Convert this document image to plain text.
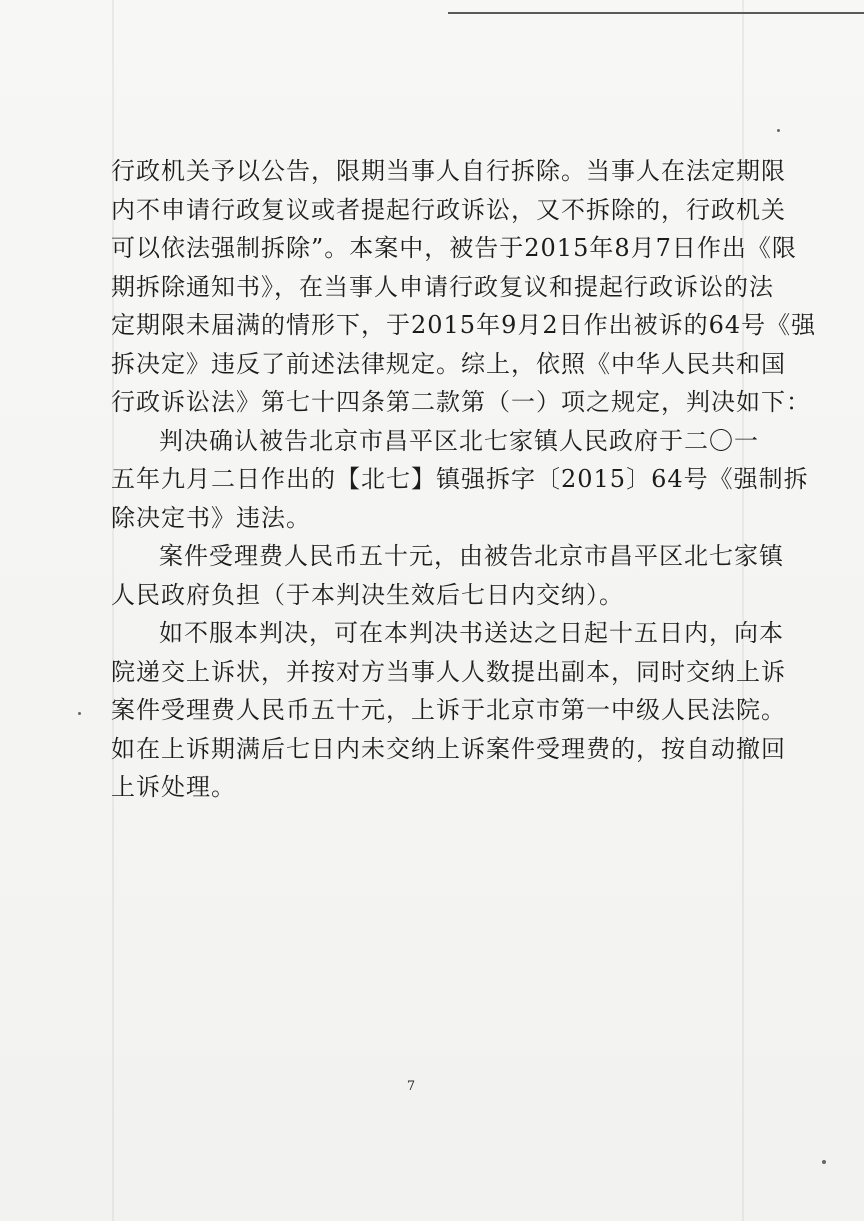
行政机关予以公告，限期当事人自行拆除。当事人在法定期限
内不申请行政复议或者提起行政诉讼，又不拆除的，行政机关
可以依法强制拆除”。本案中，被告于2015年8月7日作出《限
期拆除通知书》，在当事人申请行政复议和提起行政诉讼的法
定期限未届满的情形下，于2015年9月2日作出被诉的64号《强
拆决定》违反了前述法律规定。综上，依照《中华人民共和国
行政诉讼法》第七十四条第二款第（一）项之规定，判决如下：
判决确认被告北京市昌平区北七家镇人民政府于二〇一
五年九月二日作出的【北七】镇强拆字〔2015〕64号《强制拆
除决定书》违法。
案件受理费人民币五十元，由被告北京市昌平区北七家镇
人民政府负担（于本判决生效后七日内交纳）。
如不服本判决，可在本判决书送达之日起十五日内，向本
院递交上诉状，并按对方当事人人数提出副本，同时交纳上诉
案件受理费人民币五十元，上诉于北京市第一中级人民法院。
如在上诉期满后七日内未交纳上诉案件受理费的，按自动撤回
上诉处理。
7
